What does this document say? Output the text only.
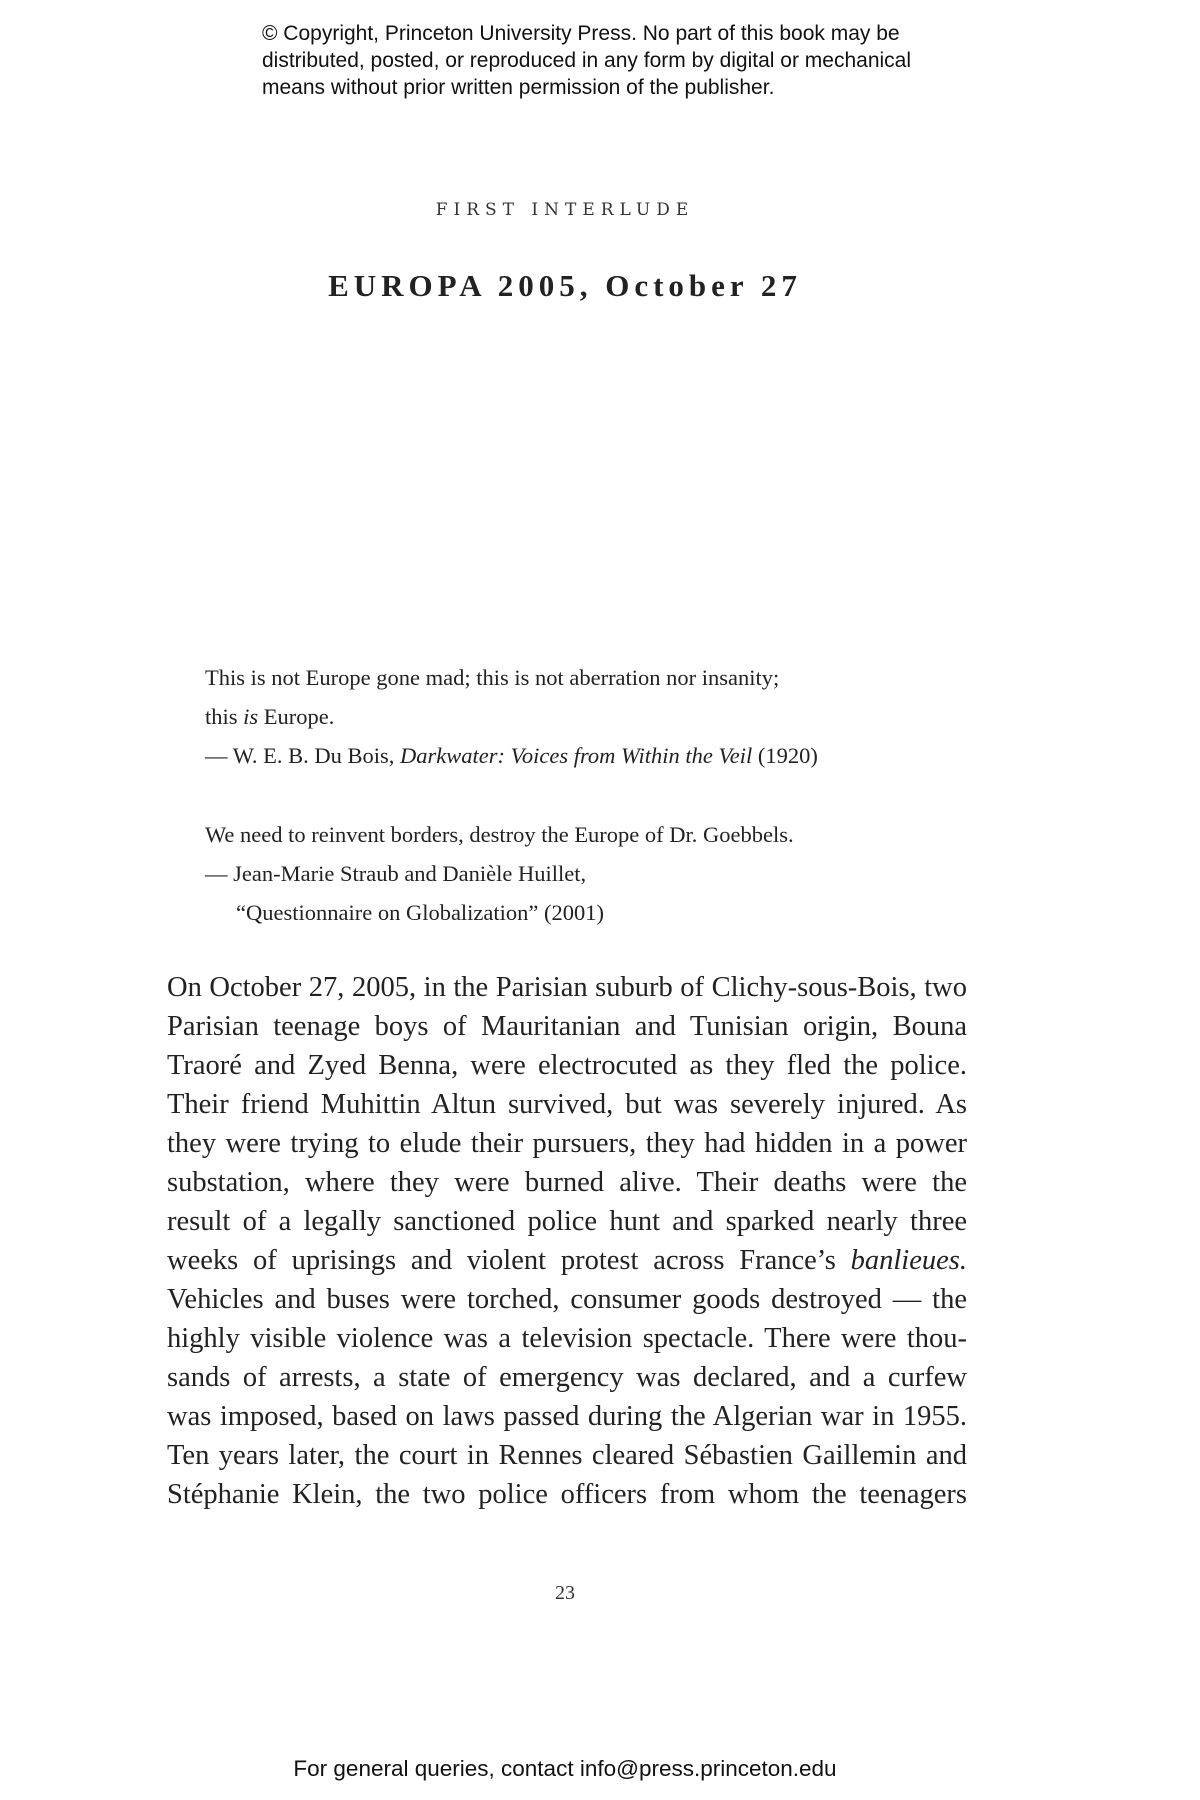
© Copyright, Princeton University Press. No part of this book may be
distributed, posted, or reproduced in any form by digital or mechanical
means without prior written permission of the publisher.
FIRST INTERLUDE
EUROPA 2005, October 27
This is not Europe gone mad; this is not aberration nor insanity;
this is Europe.
— W. E. B. Du Bois, Darkwater: Voices from Within the Veil (1920)
We need to reinvent borders, destroy the Europe of Dr. Goebbels.
— Jean-Marie Straub and Danièle Huillet,
“Questionnaire on Globalization” (2001)
On October 27, 2005, in the Parisian suburb of Clichy-sous-Bois, two
Parisian teenage boys of Mauritanian and Tunisian origin, Bouna
Traoré and Zyed Benna, were electrocuted as they fled the police.
Their friend Muhittin Altun survived, but was severely injured. As
they were trying to elude their pursuers, they had hidden in a power
substation, where they were burned alive. Their deaths were the
result of a legally sanctioned police hunt and sparked nearly three
weeks of uprisings and violent protest across France’s banlieues.
Vehicles and buses were torched, consumer goods destroyed — the
highly visible violence was a television spectacle. There were thou-
sands of arrests, a state of emergency was declared, and a curfew
was imposed, based on laws passed during the Algerian war in 1955.
Ten years later, the court in Rennes cleared Sébastien Gaillemin and
Stéphanie Klein, the two police officers from whom the teenagers
23
For general queries, contact info@press.princeton.edu
